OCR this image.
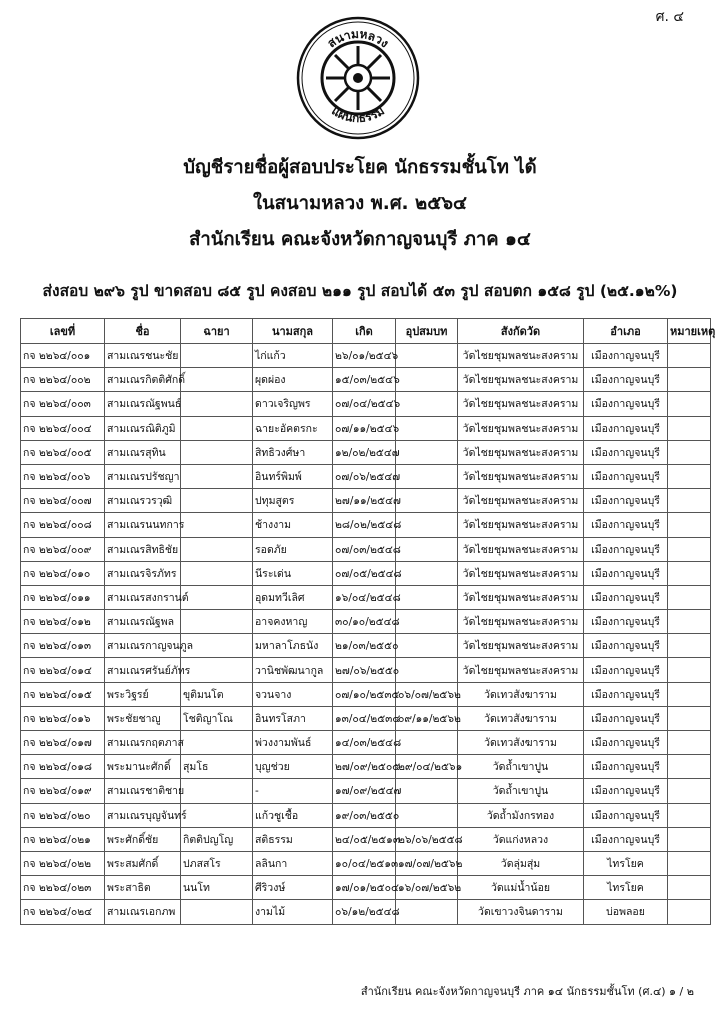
ศ. ๔
สนามหลวง
แผนกธรรม
บัญชีรายชื่อผู้สอบประโยค นักธรรมชั้นโท ได้
ในสนามหลวง พ.ศ. ๒๕๖๔
สำนักเรียน คณะจังหวัดกาญจนบุรี ภาค ๑๔
ส่งสอบ ๒๙๖ รูป ขาดสอบ ๘๕ รูป คงสอบ ๒๑๑ รูป สอบได้ ๕๓ รูป สอบตก ๑๕๘ รูป (๒๕.๑๒%)
เลขที่	ชื่อ	ฉายา	นามสกุล	เกิด	อุปสมบท	สังกัดวัด	อำเภอ	หมายเหตุ
กจ ๒๒๖๔/๐๐๑	สามเณรชนะชัย		ไก่แก้ว	๒๖/๐๑/๒๕๔๖		วัดไชยชุมพลชนะสงคราม	เมืองกาญจนบุรี	
กจ ๒๒๖๔/๐๐๒	สามเณรกิตติศักดิ์		ผุดผ่อง	๑๕/๐๓/๒๕๔๖		วัดไชยชุมพลชนะสงคราม	เมืองกาญจนบุรี	
กจ ๒๒๖๔/๐๐๓	สามเณรณัฐพนธ์		ดาวเจริญพร	๐๗/๐๔/๒๕๔๖		วัดไชยชุมพลชนะสงคราม	เมืองกาญจนบุรี	
กจ ๒๒๖๔/๐๐๔	สามเณรณิติภูมิ		ฉายะอัคตรกะ	๐๗/๑๑/๒๕๔๖		วัดไชยชุมพลชนะสงคราม	เมืองกาญจนบุรี	
กจ ๒๒๖๔/๐๐๕	สามเณรสุทิน		สิทธิวงศ์ษา	๑๒/๐๒/๒๕๔๗		วัดไชยชุมพลชนะสงคราม	เมืองกาญจนบุรี	
กจ ๒๒๖๔/๐๐๖	สามเณรปรัชญา		อินทร์พิมพ์	๐๗/๐๖/๒๕๔๗		วัดไชยชุมพลชนะสงคราม	เมืองกาญจนบุรี	
กจ ๒๒๖๔/๐๐๗	สามเณรวรวุฒิ		ปทุมสูตร	๒๗/๑๑/๒๕๔๗		วัดไชยชุมพลชนะสงคราม	เมืองกาญจนบุรี	
กจ ๒๒๖๔/๐๐๘	สามเณรนนทการ		ช้างงาม	๒๘/๐๒/๒๕๔๘		วัดไชยชุมพลชนะสงคราม	เมืองกาญจนบุรี	
กจ ๒๒๖๔/๐๐๙	สามเณรสิทธิชัย		รอดภัย	๐๗/๐๓/๒๕๔๘		วัดไชยชุมพลชนะสงคราม	เมืองกาญจนบุรี	
กจ ๒๒๖๔/๐๑๐	สามเณรจิรภัทร		นีระเด่น	๐๗/๐๕/๒๕๔๘		วัดไชยชุมพลชนะสงคราม	เมืองกาญจนบุรี	
กจ ๒๒๖๔/๐๑๑	สามเณรสงกรานต์		อุดมทวีเลิศ	๑๖/๐๔/๒๕๔๘		วัดไชยชุมพลชนะสงคราม	เมืองกาญจนบุรี	
กจ ๒๒๖๔/๐๑๒	สามเณรณัฐพล		อาจคงหาญ	๓๐/๑๐/๒๕๔๘		วัดไชยชุมพลชนะสงคราม	เมืองกาญจนบุรี	
กจ ๒๒๖๔/๐๑๓	สามเณรกาญจนภูล		มหาลาโภธนัง	๒๑/๐๓/๒๕๕๐		วัดไชยชุมพลชนะสงคราม	เมืองกาญจนบุรี	
กจ ๒๒๖๔/๐๑๔	สามเณรศรันย์ภัทร		วานิชพัฒนากูล	๒๗/๐๖/๒๕๕๐		วัดไชยชุมพลชนะสงคราม	เมืองกาญจนบุรี	
กจ ๒๒๖๔/๐๑๕	พระวิฐรย์	ขุติมนโต	จวนจาง	๐๗/๑๐/๒๕๓๕	๐๖/๐๗/๒๕๖๒	วัดเทวสังฆาราม	เมืองกาญจนบุรี	
กจ ๒๒๖๔/๐๑๖	พระชัยชาญู	โชติญาโณ	อินทรโสภา	๑๓/๐๔/๒๕๓๔	๐๙/๑๑/๒๕๖๒	วัดเทวสังฆาราม	เมืองกาญจนบุรี	
กจ ๒๒๖๔/๐๑๗	สามเณรกฤตภาส		พ่วงงามพันธ์	๑๔/๐๓/๒๕๔๘		วัดเทวสังฆาราม	เมืองกาญจนบุรี	
กจ ๒๒๖๔/๐๑๘	พระมานะศักดิ์	สุมโธ	บุญช่วย	๒๗/๐๙/๒๕๐๕	๒๙/๐๔/๒๕๖๑	วัดถ้ำเขาปูน	เมืองกาญจนบุรี	
กจ ๒๒๖๔/๐๑๙	สามเณรชาติชาย		-	๑๗/๐๙/๒๕๔๗		วัดถ้ำเขาปูน	เมืองกาญจนบุรี	
กจ ๒๒๖๔/๐๒๐	สามเณรบุญจันทร์		แก้วชูเชื้อ	๑๙/๐๓/๒๕๕๐		วัดถ้ำมังกรทอง	เมืองกาญจนบุรี	
กจ ๒๒๖๔/๐๒๑	พระศักดิ์ชัย	กิตติปญโญ	สติธรรม	๒๔/๐๕/๒๕๑๓	๒๖/๐๖/๒๕๕๘	วัดแก่งหลวง	เมืองกาญจนบุรี	
กจ ๒๒๖๔/๐๒๒	พระสมศักดิ์	ปภสสโร	ลลินกา	๑๐/๐๔/๒๕๑๓	๑๗/๐๗/๒๕๖๒	วัดลุ่มสุ่ม	ไทรโยค	
กจ ๒๒๖๔/๐๒๓	พระสาธิต	นนโท	ศีริวงษ์	๑๗/๐๑/๒๕๐๔	๑๖/๐๗/๒๕๖๒	วัดแม่น้ำน้อย	ไทรโยค	
กจ ๒๒๖๔/๐๒๔	สามเณรเอกภพ		งามไม้	๐๖/๑๒/๒๕๔๘		วัดเขาวงจินดาราม	บ่อพลอย	
สำนักเรียน คณะจังหวัดกาญจนบุรี ภาค ๑๔ นักธรรมชั้นโท (ศ.๔) ๑ / ๒
